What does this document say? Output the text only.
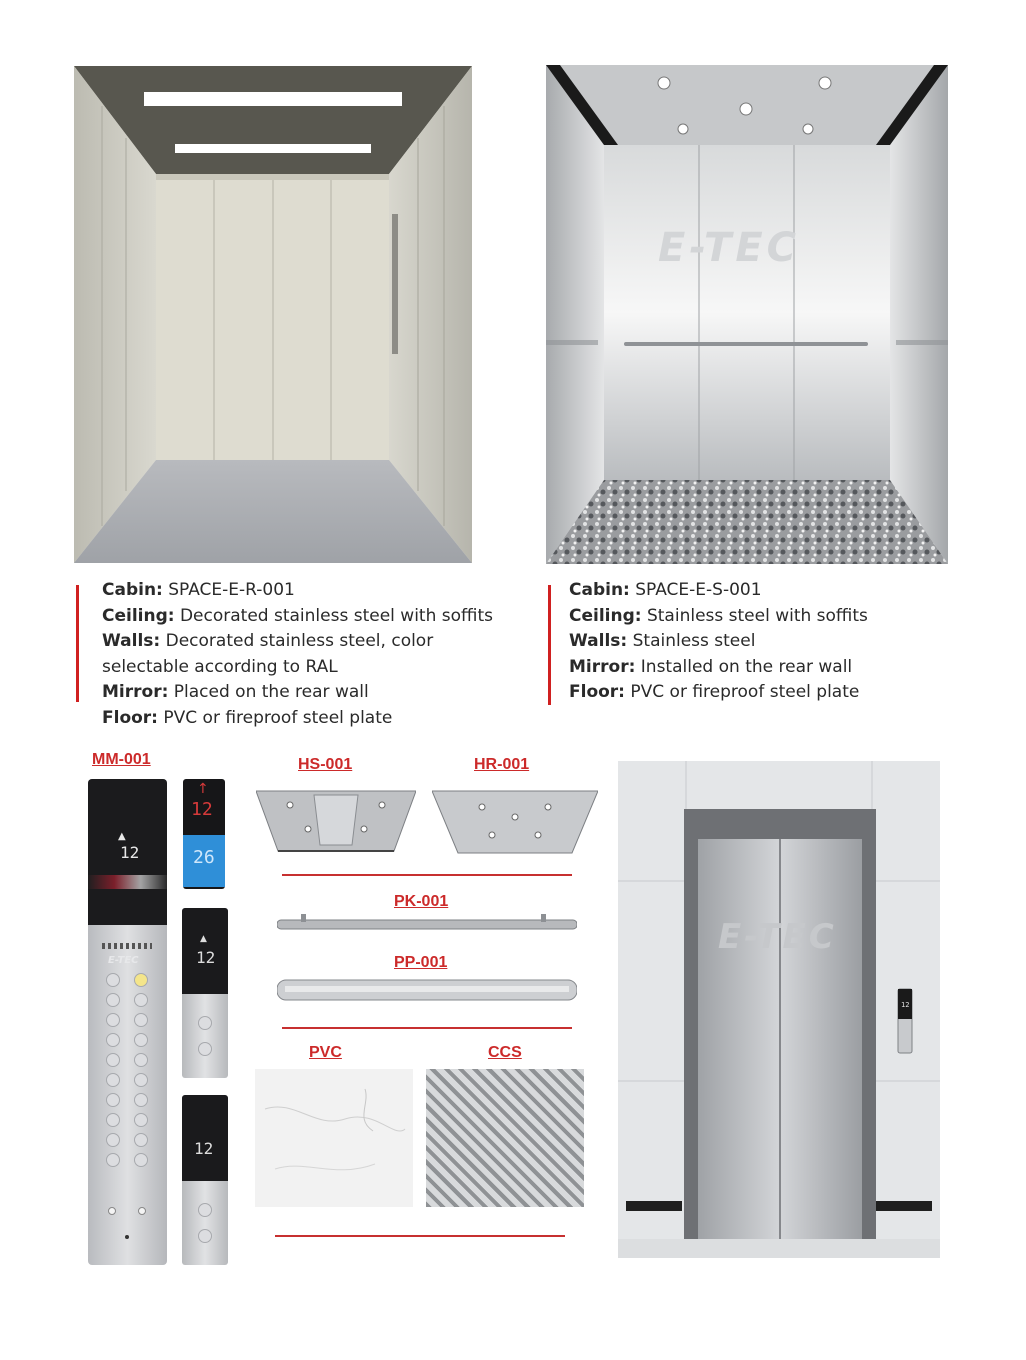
E-TEC
Cabin: SPACE-E-R-001
Ceiling: Decorated stainless steel with soffits
Walls: Decorated stainless steel, color
selectable according to RAL
Mirror: Placed on the rear wall
Floor: PVC or fireproof steel plate
Cabin: SPACE-E-S-001
Ceiling: Stainless steel with soffits
Walls: Stainless steel
Mirror: Installed on the rear wall
Floor: PVC or fireproof steel plate
MM-001	HS-001	HR-001
PK-001
PP-001
PVC	CCS
▲
12
E-TEC
↑
12
26
▲
12
12
E-TEC
12
